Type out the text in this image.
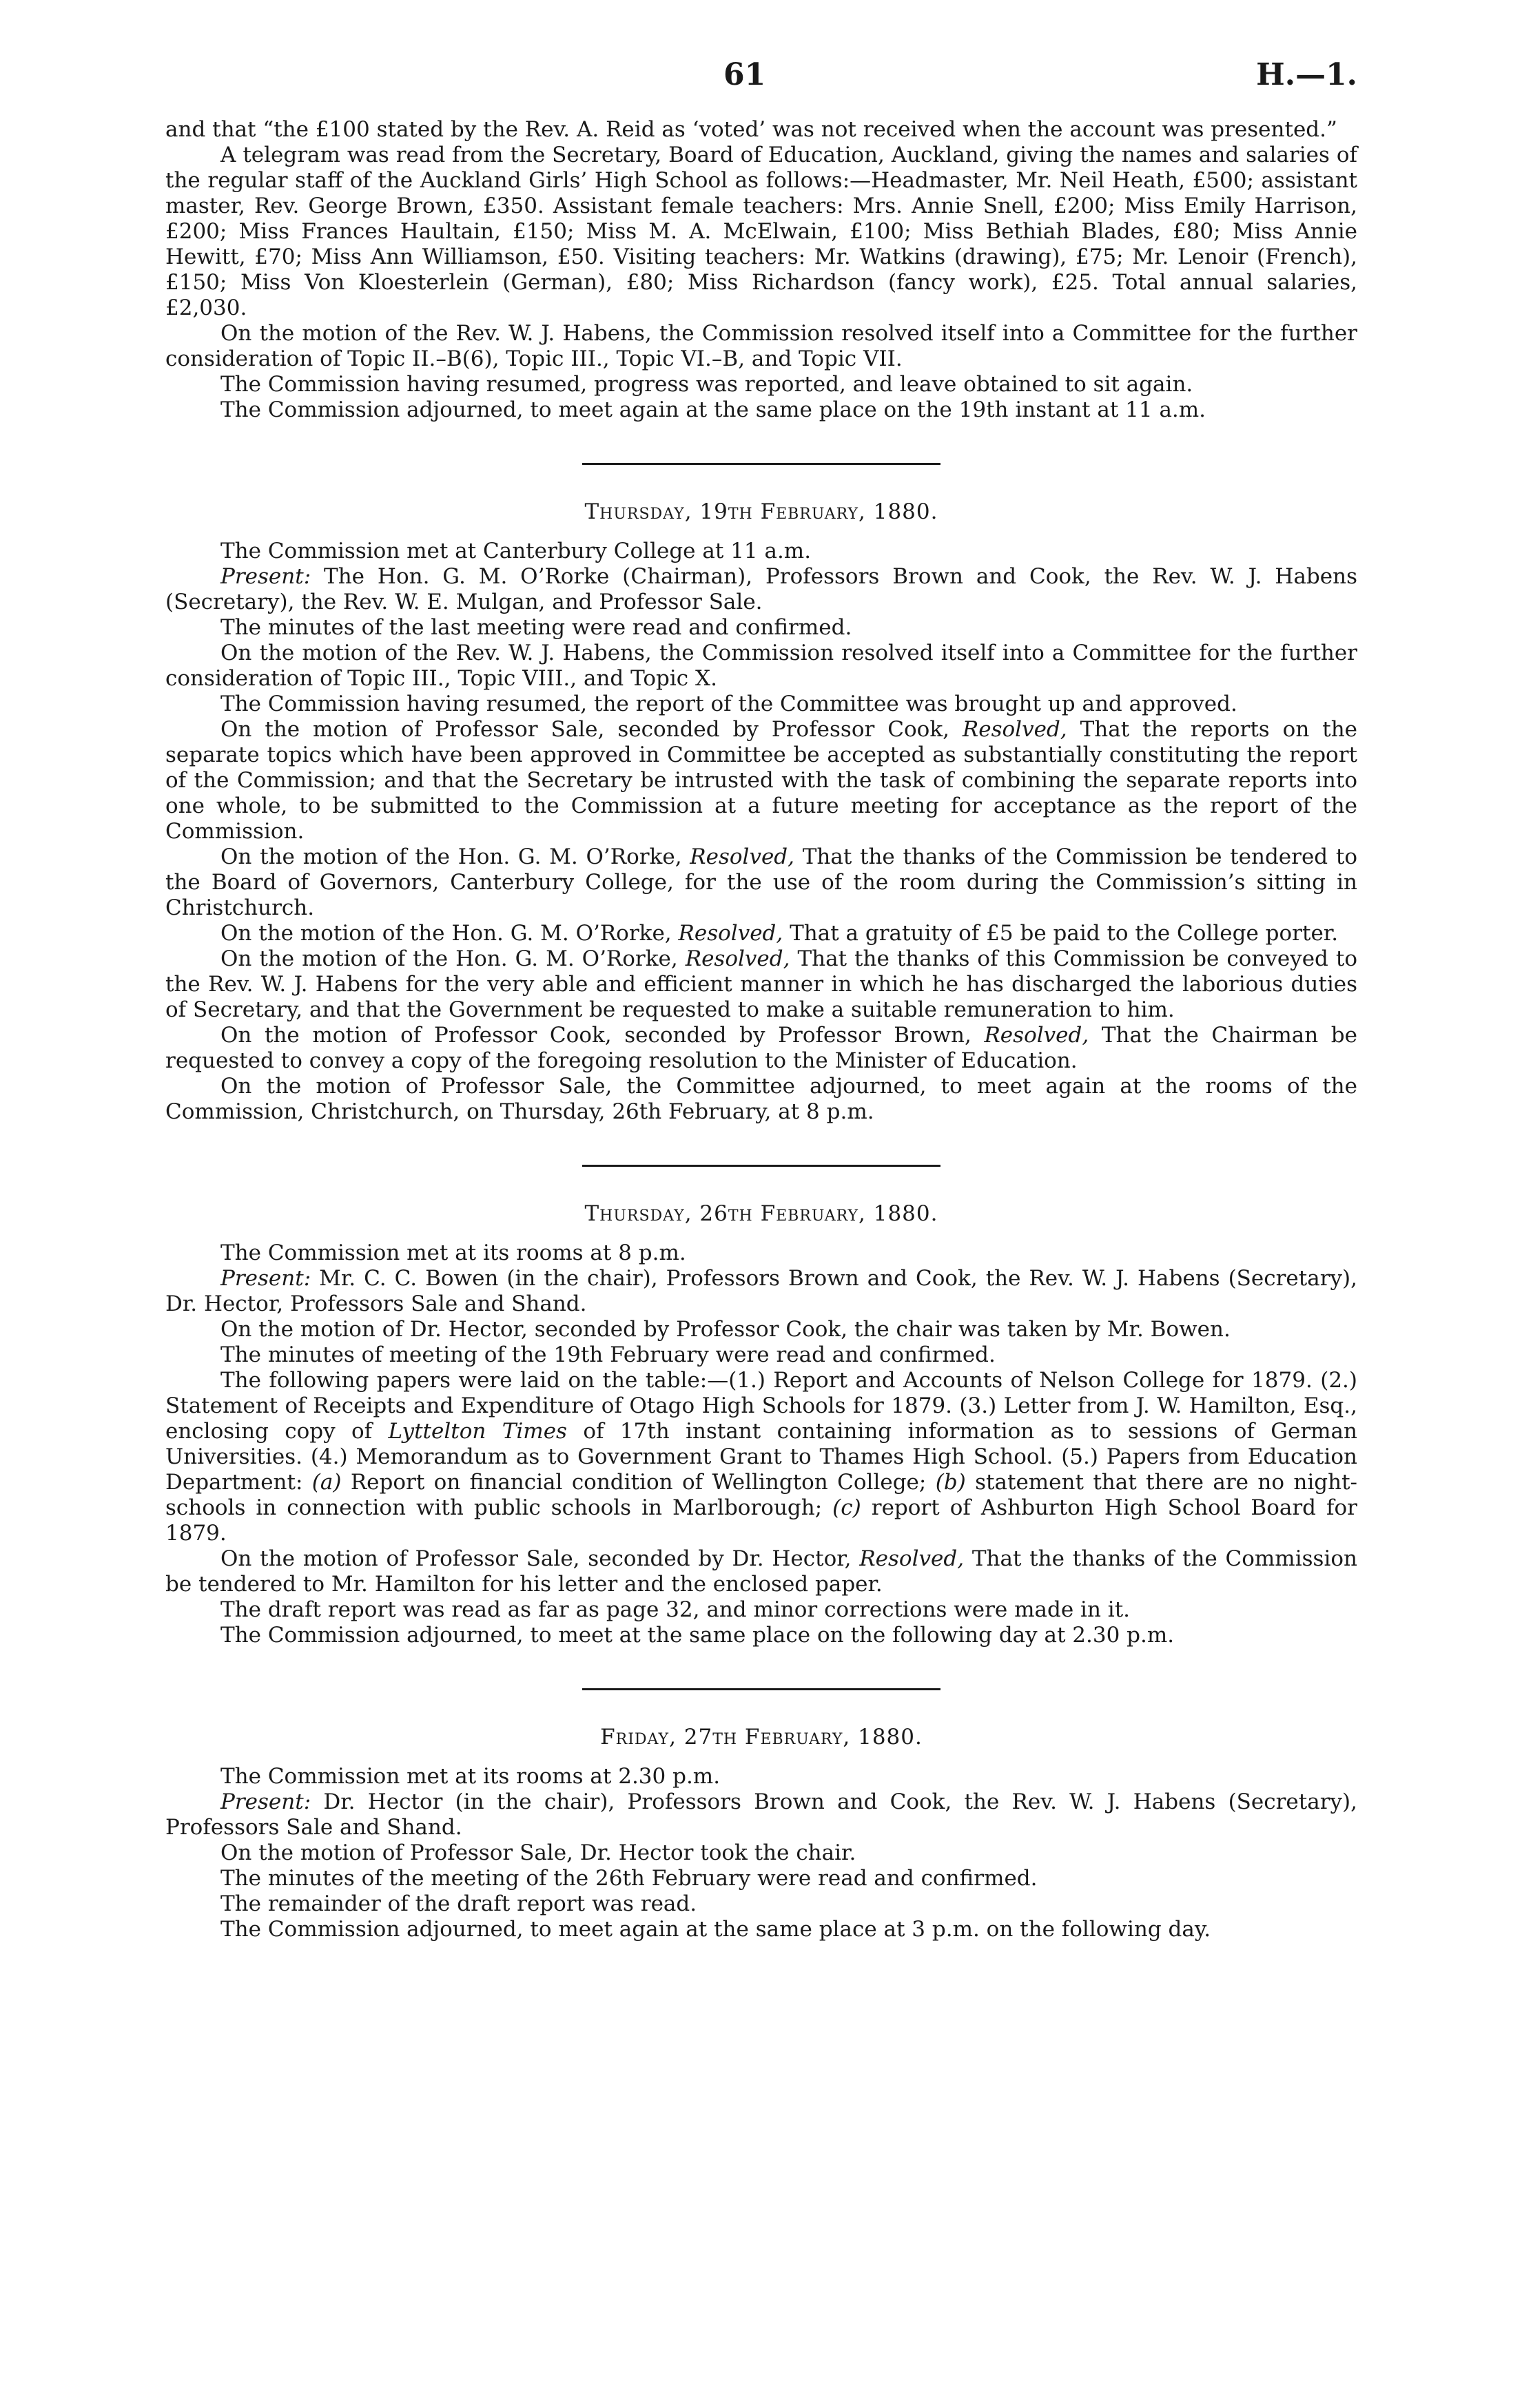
61	H.—1.

and that “the £100 stated by the Rev. A. Reid as ‘voted’ was not received when the account was presented.”

A telegram was read from the Secretary, Board of Education, Auckland, giving the names and salaries of the regular staff of the Auckland Girls’ High School as follows:—Headmaster, Mr. Neil Heath, £500; assistant master, Rev. George Brown, £350. Assistant female teachers: Mrs. Annie Snell, £200; Miss Emily Harrison, £200; Miss Frances Haultain, £150; Miss M. A. McElwain, £100; Miss Bethiah Blades, £80; Miss Annie Hewitt, £70; Miss Ann Williamson, £50. Visiting teachers: Mr. Watkins (drawing), £75; Mr. Lenoir (French), £150; Miss Von Kloesterlein (German), £80; Miss Richardson (fancy work), £25. Total annual salaries, £2,030.

On the motion of the Rev. W. J. Habens, the Commission resolved itself into a Committee for the further consideration of Topic II.–B(6), Topic III., Topic VI.–B, and Topic VII.

The Commission having resumed, progress was reported, and leave obtained to sit again.

The Commission adjourned, to meet again at the same place on the 19th instant at 11 a.m.

Thursday, 19th February, 1880.

The Commission met at Canterbury College at 11 a.m.

Present: The Hon. G. M. O’Rorke (Chairman), Professors Brown and Cook, the Rev. W. J. Habens (Secretary), the Rev. W. E. Mulgan, and Professor Sale.

The minutes of the last meeting were read and confirmed.

On the motion of the Rev. W. J. Habens, the Commission resolved itself into a Committee for the further consideration of Topic III., Topic VIII., and Topic X.

The Commission having resumed, the report of the Committee was brought up and approved.

On the motion of Professor Sale, seconded by Professor Cook, Resolved, That the reports on the separate topics which have been approved in Committee be accepted as substantially constituting the report of the Commission; and that the Secretary be intrusted with the task of combining the separate reports into one whole, to be submitted to the Commission at a future meeting for acceptance as the report of the Commission.

On the motion of the Hon. G. M. O’Rorke, Resolved, That the thanks of the Commission be tendered to the Board of Governors, Canterbury College, for the use of the room during the Commission’s sitting in Christchurch.

On the motion of the Hon. G. M. O’Rorke, Resolved, That a gratuity of £5 be paid to the College porter.

On the motion of the Hon. G. M. O’Rorke, Resolved, That the thanks of this Commission be conveyed to the Rev. W. J. Habens for the very able and efficient manner in which he has discharged the laborious duties of Secretary, and that the Government be requested to make a suitable remuneration to him.

On the motion of Professor Cook, seconded by Professor Brown, Resolved, That the Chairman be requested to convey a copy of the foregoing resolution to the Minister of Education.

On the motion of Professor Sale, the Committee adjourned, to meet again at the rooms of the Commission, Christchurch, on Thursday, 26th February, at 8 p.m.

Thursday, 26th February, 1880.

The Commission met at its rooms at 8 p.m.

Present: Mr. C. C. Bowen (in the chair), Professors Brown and Cook, the Rev. W. J. Habens (Secretary), Dr. Hector, Professors Sale and Shand.

On the motion of Dr. Hector, seconded by Professor Cook, the chair was taken by Mr. Bowen.

The minutes of meeting of the 19th February were read and confirmed.

The following papers were laid on the table:—(1.) Report and Accounts of Nelson College for 1879. (2.) Statement of Receipts and Expenditure of Otago High Schools for 1879. (3.) Letter from J. W. Hamilton, Esq., enclosing copy of Lyttelton Times of 17th instant containing information as to sessions of German Universities. (4.) Memorandum as to Government Grant to Thames High School. (5.) Papers from Education Department: (a) Report on financial condition of Wellington College; (b) statement that there are no night-schools in connection with public schools in Marlborough; (c) report of Ashburton High School Board for 1879.

On the motion of Professor Sale, seconded by Dr. Hector, Resolved, That the thanks of the Commission be tendered to Mr. Hamilton for his letter and the enclosed paper.

The draft report was read as far as page 32, and minor corrections were made in it.

The Commission adjourned, to meet at the same place on the following day at 2.30 p.m.

Friday, 27th February, 1880.

The Commission met at its rooms at 2.30 p.m.

Present: Dr. Hector (in the chair), Professors Brown and Cook, the Rev. W. J. Habens (Secretary), Professors Sale and Shand.

On the motion of Professor Sale, Dr. Hector took the chair.

The minutes of the meeting of the 26th February were read and confirmed.

The remainder of the draft report was read.

The Commission adjourned, to meet again at the same place at 3 p.m. on the following day.
